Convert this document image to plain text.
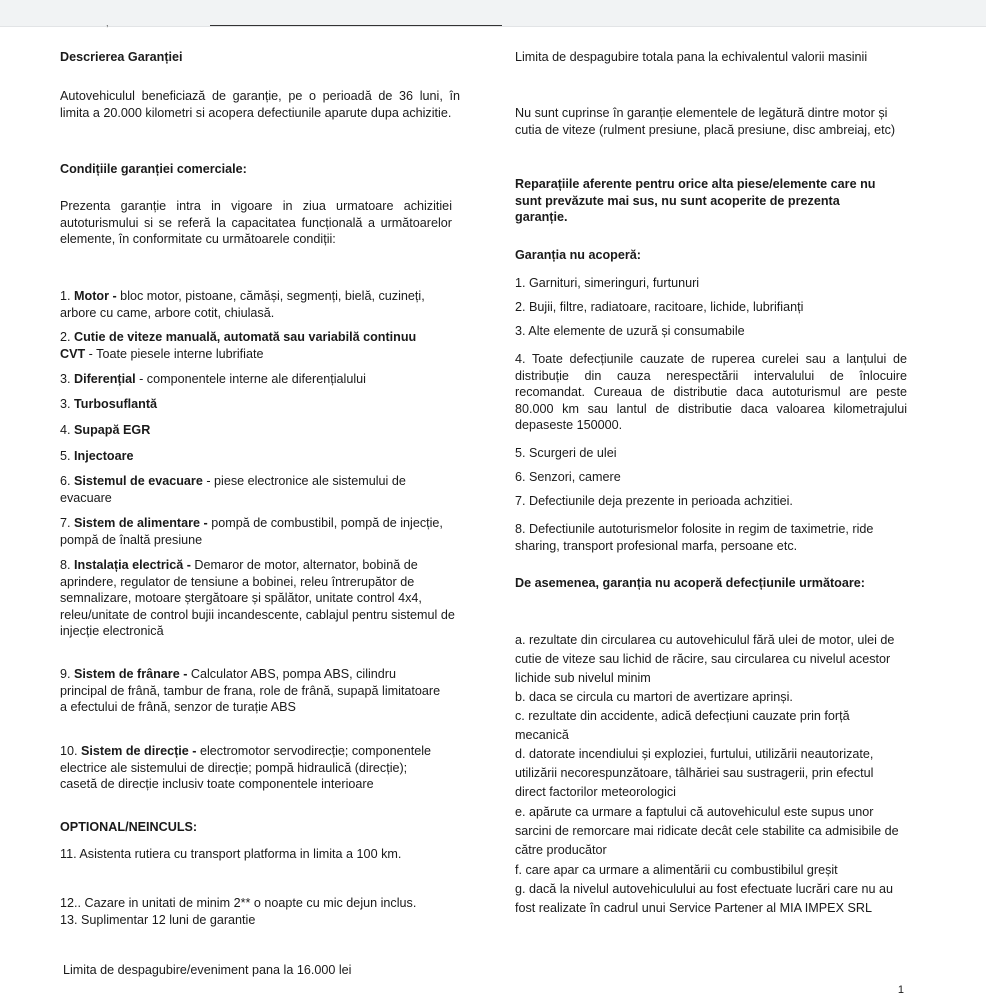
,
Descrierea Garanției
Autovehiculul beneficiază de garanție, pe o perioadă de 36 luni, în limita a 20.000 kilometri si acopera defectiunile aparute dupa achizitie.
Condițiile garanției comerciale:
Prezenta garanție intra in vigoare in ziua urmatoare achizitiei autoturismului si se referă la capacitatea funcțională a următoarelor elemente, în conformitate cu următoarele condiții:
1. Motor - bloc motor, pistoane, cămăși, segmenți, bielă, cuzineți, arbore cu came, arbore cotit, chiulasă.
2. Cutie de viteze manuală, automată sau variabilă continuu CVT - Toate piesele interne lubrifiate
3. Diferențial - componentele interne ale diferențialului
3. Turbosuflantă
4. Supapă EGR
5. Injectoare
6. Sistemul de evacuare - piese electronice ale sistemului de evacuare
7. Sistem de alimentare - pompă de combustibil, pompă de injecție, pompă de înaltă presiune
8. Instalația electrică - Demaror de motor, alternator, bobină de aprindere, regulator de tensiune a bobinei, releu întrerupător de semnalizare, motoare ștergătoare și spălător, unitate control 4x4, releu/unitate de control bujii incandescente, cablajul pentru sistemul de injecție electronică
9. Sistem de frânare - Calculator ABS, pompa ABS, cilindru principal de frână, tambur de frana, role de frână, supapă limitatoare a efectului de frână, senzor de turație ABS
10. Sistem de direcție - electromotor servodirecție; componentele electrice ale sistemului de direcție; pompă hidraulică (direcție); casetă de direcție inclusiv toate componentele interioare
OPTIONAL/NEINCULS:
11. Asistenta rutiera cu transport platforma in limita a 100 km.
12.. Cazare in unitati de minim 2** o noapte cu mic dejun inclus.
13. Suplimentar 12 luni de garantie
Limita de despagubire/eveniment pana la 16.000 lei
Limita de despagubire totala pana la echivalentul valorii masinii
Nu sunt cuprinse în garanție elementele de legătură dintre motor și cutia de viteze (rulment presiune, placă presiune, disc ambreiaj, etc)
Reparațiile aferente pentru orice alta piese/elemente care nu sunt prevăzute mai sus, nu sunt acoperite de prezenta garanție.
Garanția nu acoperă:
1. Garnituri, simeringuri, furtunuri
2. Bujii, filtre, radiatoare, racitoare, lichide, lubrifianți
3. Alte elemente de uzură și consumabile
4. Toate defecțiunile cauzate de ruperea curelei sau a lanțului de distribuție din cauza nerespectării intervalului de înlocuire recomandat. Cureaua de distributie daca autoturismul are peste 80.000 km sau lantul de distributie daca valoarea kilometrajului depaseste 150000.
5. Scurgeri de ulei
6. Senzori, camere
7. Defectiunile deja prezente in perioada achzitiei.
8. Defectiunile autoturismelor folosite in regim de taximetrie, ride sharing, transport profesional marfa, persoane etc.
De asemenea, garanția nu acoperă defecțiunile următoare:
a. rezultate din circularea cu autovehiculul fără ulei de motor, ulei de cutie de viteze sau lichid de răcire, sau circularea cu nivelul acestor lichide sub nivelul minim
b. daca se circula cu martori de avertizare aprinși.
c. rezultate din accidente, adică defecțiuni cauzate prin forță mecanică
d. datorate incendiului și exploziei, furtului, utilizării neautorizate, utilizării necorespunzătoare, tâlhăriei sau sustragerii, prin efectul direct factorilor meteorologici
e. apărute ca urmare a faptului că autovehiculul este supus unor sarcini de remorcare mai ridicate decât cele stabilite ca admisibile de către producător
f. care apar ca urmare a alimentării cu combustibilul greșit
g. dacă la nivelul autovehiculului au fost efectuate lucrări care nu au fost realizate în cadrul unui Service Partener al MIA IMPEX SRL
1
